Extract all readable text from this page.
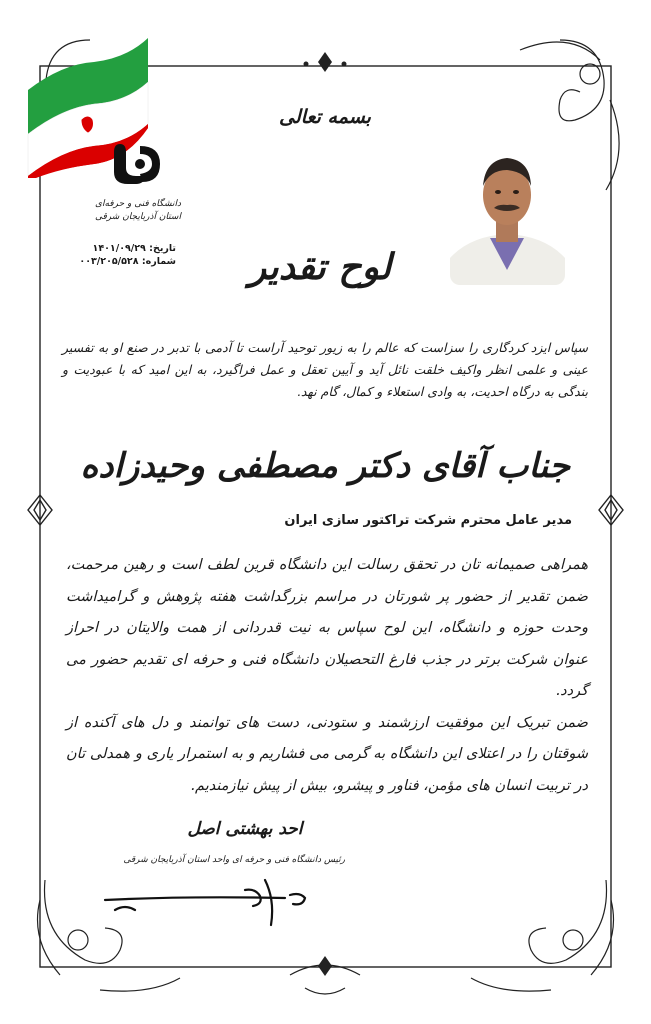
دانشگاه فنی و حرفه‌ای
استان آذربایجان شرقی
تاریخ: ۱۴۰۱/۰۹/۲۹
شماره: ۰۰۳/۲۰۵/۵۲۸
بسمه تعالی
لوح تقدیر
سپاس ایزد کردگاری را سزاست که عالم را به زیور توحید آراست تا آدمی با تدبر در صنع او به تفسیر عینی و علمی انظر واکیف خلقت نائل آید و آیین تعقل و عمل فراگیرد، به این امید که با عبودیت و بندگی به درگاه احدیت، به وادی استعلاء و کمال، گام نهد.
جناب آقای دکتر مصطفی وحیدزاده
مدیر عامل محترم شرکت تراکتور سازی ایران

همراهی صمیمانه تان در تحقق رسالت این دانشگاه قرین لطف است و رهین مرحمت، ضمن تقدیر از حضور پر شورتان در مراسم بزرگداشت هفته پژوهش و گرامیداشت وحدت حوزه و دانشگاه، این لوح سپاس به نیت قدردانی از همت والایتان در احراز عنوان شرکت برتر در جذب فارغ التحصیلان دانشگاه فنی و حرفه ای تقدیم حضور می گردد.

ضمن تبریک این موفقیت ارزشمند و ستودنی، دست های توانمند و دل های آکنده از شوقتان را در اعتلای این دانشگاه به گرمی می فشاریم و به استمرار یاری و همدلی تان در تربیت انسان های مؤمن، فناور و پیشرو، بیش از پیش نیازمندیم.

احد بهشتی اصل
رئیس دانشگاه فنی و حرفه ای واحد استان آذربایجان شرقی
